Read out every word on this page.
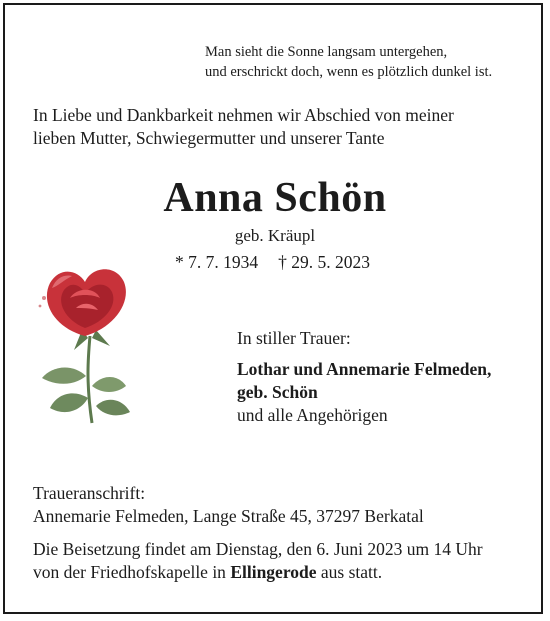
Man sieht die Sonne langsam untergehen,
und erschrickt doch, wenn es plötzlich dunkel ist.
In Liebe und Dankbarkeit nehmen wir Abschied von meiner
lieben Mutter, Schwiegermutter und unserer Tante
Anna Schön
geb. Kräupl
* 7. 7. 1934 † 29. 5. 2023
In stiller Trauer:
Lothar und Annemarie Felmeden,
geb. Schön
und alle Angehörigen
Traueranschrift:
Annemarie Felmeden, Lange Straße 45, 37297 Berkatal
Die Beisetzung findet am Dienstag, den 6. Juni 2023 um 14 Uhr
von der Friedhofskapelle in Ellingerode aus statt.
